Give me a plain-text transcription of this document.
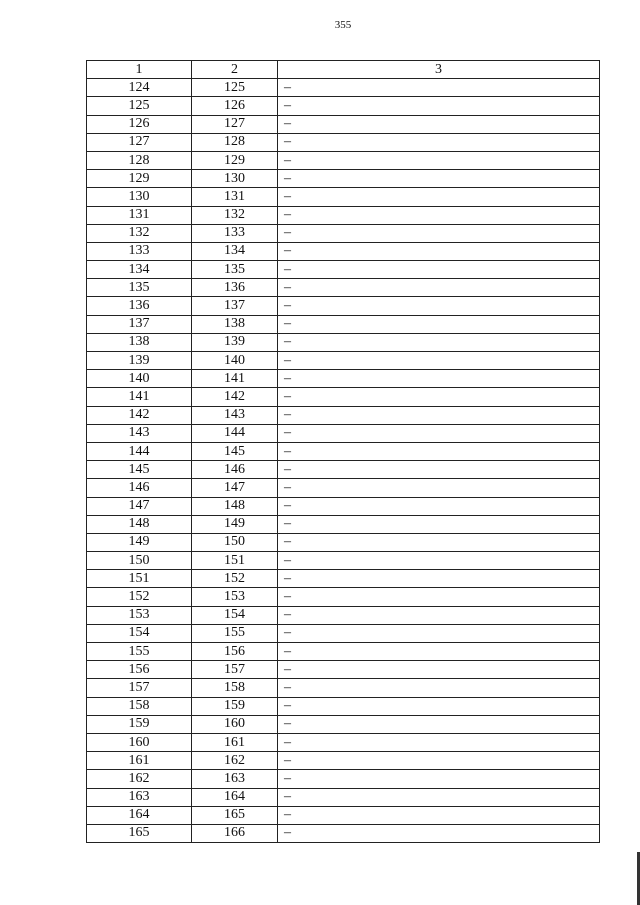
355
1	2	3
124	125	–
125	126	–
126	127	–
127	128	–
128	129	–
129	130	–
130	131	–
131	132	–
132	133	–
133	134	–
134	135	–
135	136	–
136	137	–
137	138	–
138	139	–
139	140	–
140	141	–
141	142	–
142	143	–
143	144	–
144	145	–
145	146	–
146	147	–
147	148	–
148	149	–
149	150	–
150	151	–
151	152	–
152	153	–
153	154	–
154	155	–
155	156	–
156	157	–
157	158	–
158	159	–
159	160	–
160	161	–
161	162	–
162	163	–
163	164	–
164	165	–
165	166	–
